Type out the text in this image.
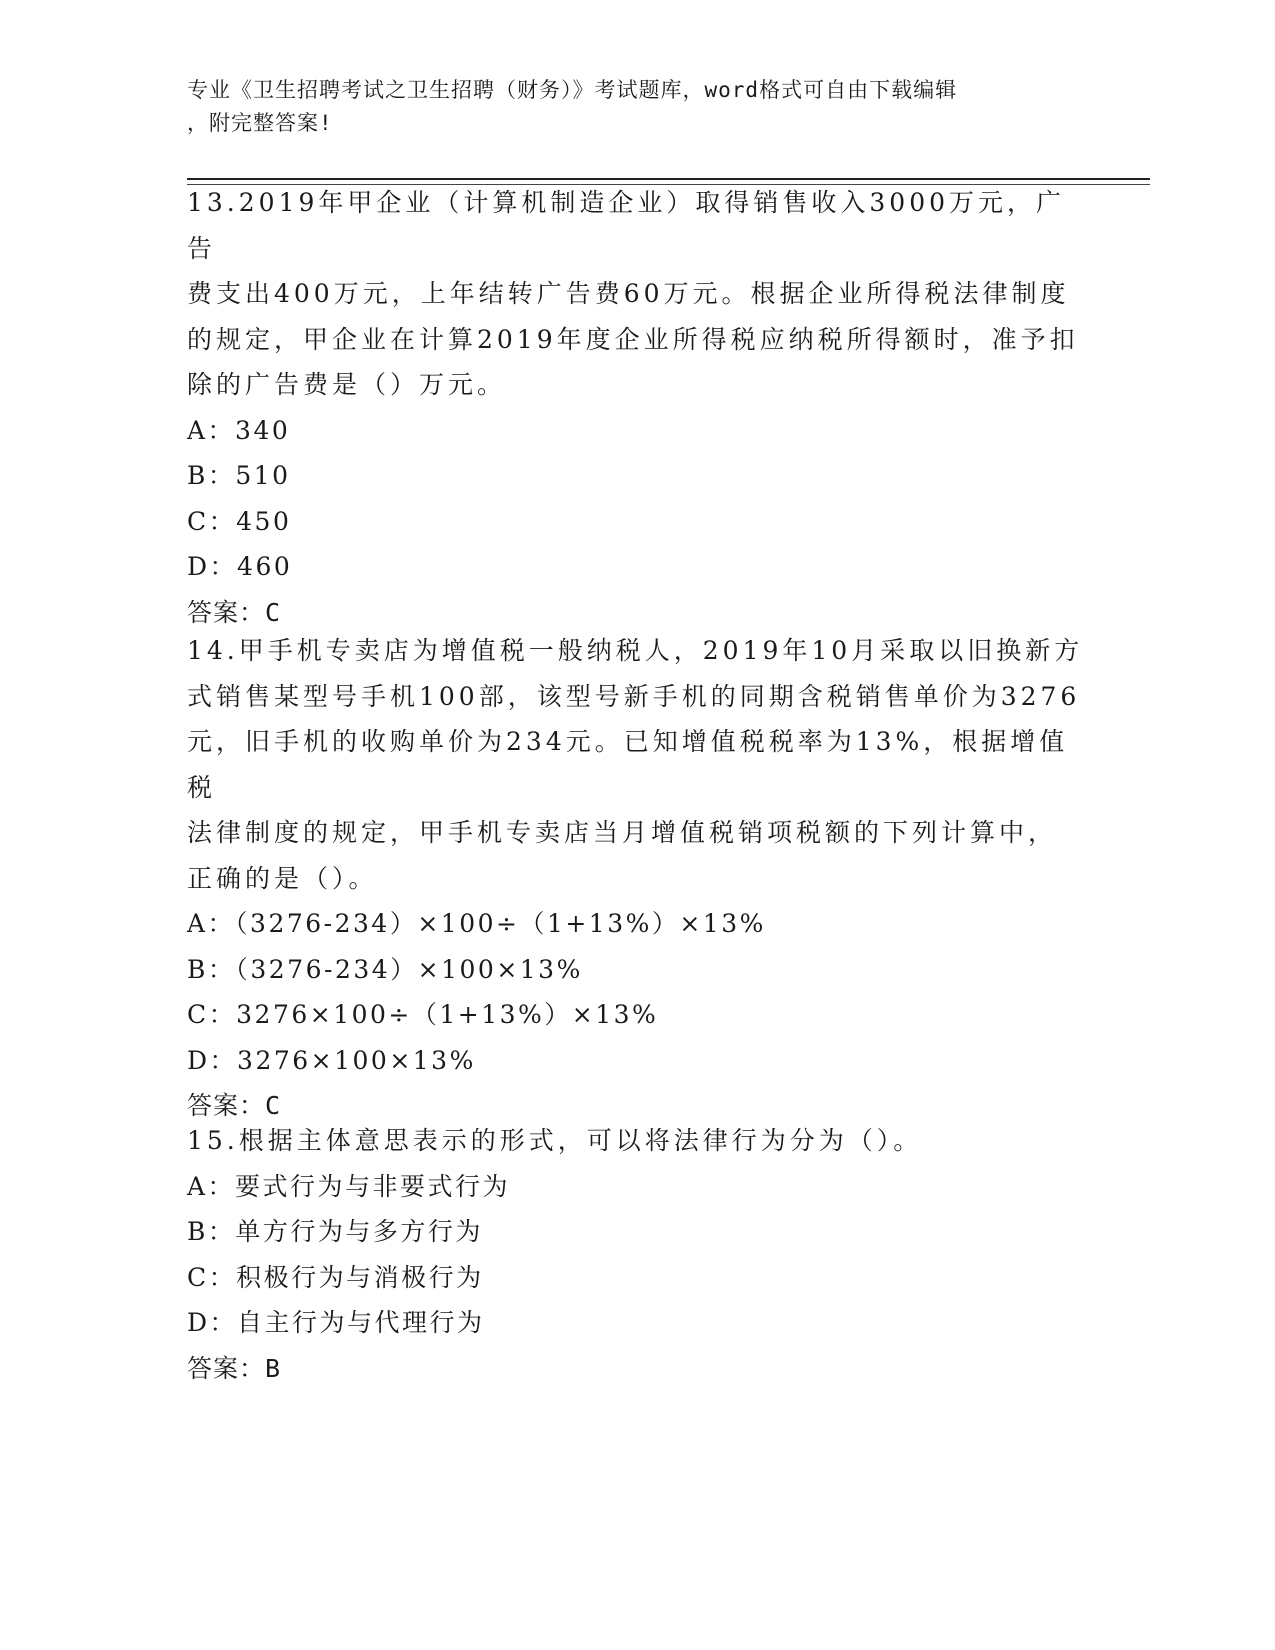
专业《卫生招聘考试之卫生招聘（财务）》考试题库，word格式可自由下载编辑
，附完整答案!

13.2019年甲企业（计算机制造企业）取得销售收入3000万元，广告

费支出400万元，上年结转广告费60万元。根据企业所得税法律制度

的规定，甲企业在计算2019年度企业所得税应纳税所得额时，准予扣

除的广告费是（）万元。

A：340

B：510

C：450

D：460

答案：C

14.甲手机专卖店为增值税一般纳税人，2019年10月采取以旧换新方

式销售某型号手机100部，该型号新手机的同期含税销售单价为3276

元，旧手机的收购单价为234元。已知增值税税率为13%，根据增值税

法律制度的规定，甲手机专卖店当月增值税销项税额的下列计算中，

正确的是（）。

A：（3276-234）×100÷（1+13%）×13%

B：（3276-234）×100×13%

C：3276×100÷（1+13%）×13%

D：3276×100×13%

答案：C

15.根据主体意思表示的形式，可以将法律行为分为（）。

A：要式行为与非要式行为

B：单方行为与多方行为

C：积极行为与消极行为

D：自主行为与代理行为

答案：B
